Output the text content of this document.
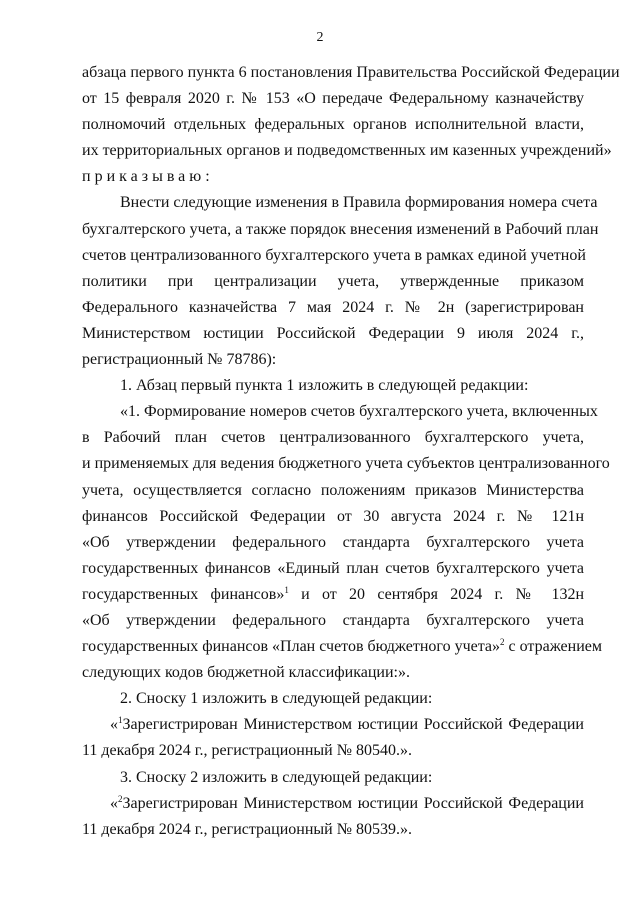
2
абзаца первого пункта 6 постановления Правительства Российской Федерации
от 15 февраля 2020 г. № 153 «О передаче Федеральному казначейству
полномочий отдельных федеральных органов исполнительной власти,
их территориальных органов и подведомственных им казенных учреждений»
приказываю:
Внести следующие изменения в Правила формирования номера счета
бухгалтерского учета, а также порядок внесения изменений в Рабочий план
счетов централизованного бухгалтерского учета в рамках единой учетной
политики при централизации учета, утвержденные приказом
Федерального казначейства 7 мая 2024 г. № 2н (зарегистрирован
Министерством юстиции Российской Федерации 9 июля 2024 г.,
регистрационный № 78786):
1. Абзац первый пункта 1 изложить в следующей редакции:
«1. Формирование номеров счетов бухгалтерского учета, включенных
в Рабочий план счетов централизованного бухгалтерского учета,
и применяемых для ведения бюджетного учета субъектов централизованного
учета, осуществляется согласно положениям приказов Министерства
финансов Российской Федерации от 30 августа 2024 г. № 121н
«Об утверждении федерального стандарта бухгалтерского учета
государственных финансов «Единый план счетов бухгалтерского учета
государственных финансов»$^1$ и от 20 сентября 2024 г. № 132н
«Об утверждении федерального стандарта бухгалтерского учета
государственных финансов «План счетов бюджетного учета»$^2$ с отражением
следующих кодов бюджетной классификации:».
2. Сноску 1 изложить в следующей редакции:
«$^1$Зарегистрирован Министерством юстиции Российской Федерации
11 декабря 2024 г., регистрационный № 80540.».
3. Сноску 2 изложить в следующей редакции:
«$^2$Зарегистрирован Министерством юстиции Российской Федерации
11 декабря 2024 г., регистрационный № 80539.».
